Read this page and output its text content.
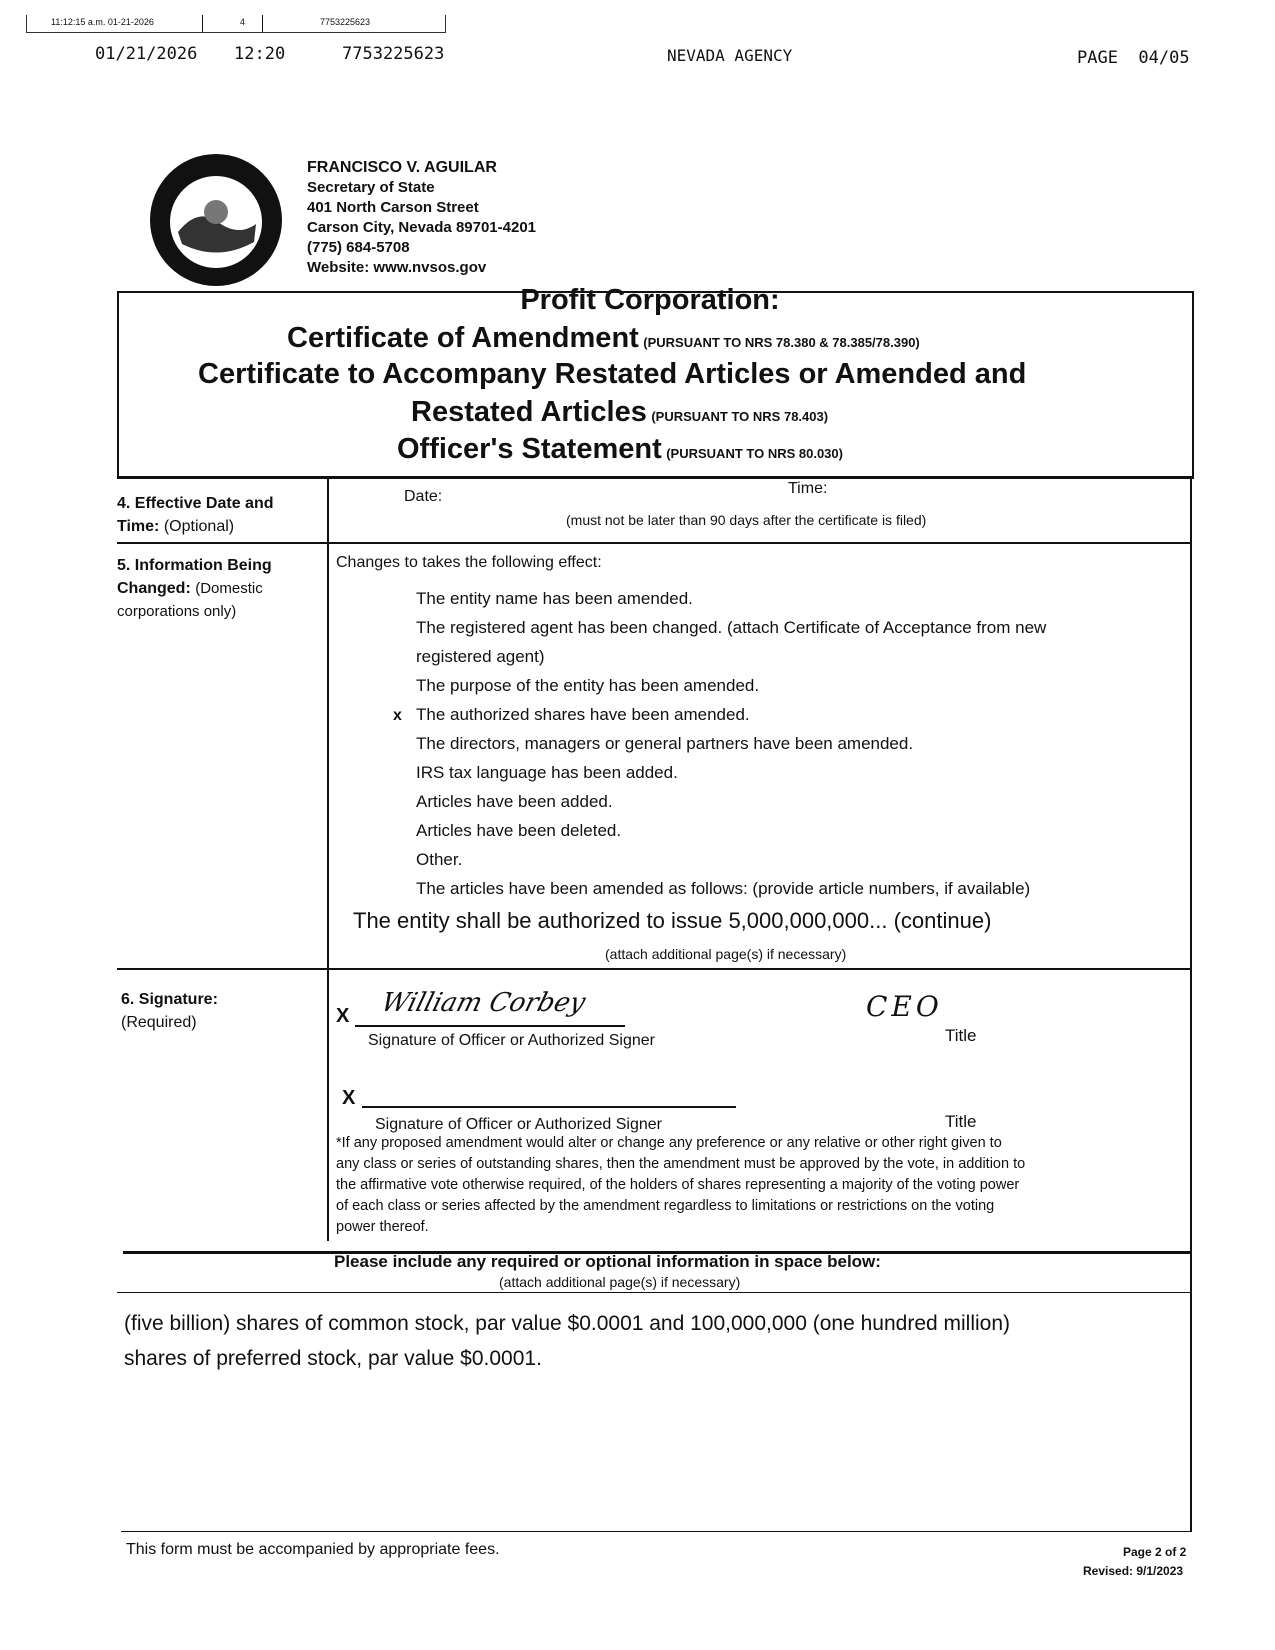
11:12:15 a.m. 01-21-2026	4	7753225623
01/21/2026 12:20	7753225623	NEVADA AGENCY	PAGE  04/05
FRANCISCO V. AGUILAR
Secretary of State
401 North Carson Street
Carson City, Nevada 89701-4201
(775) 684-5708
Website: www.nvsos.gov
Profit Corporation:
Certificate of Amendment (PURSUANT TO NRS 78.380 & 78.385/78.390)
Certificate to Accompany Restated Articles or Amended and
Restated Articles (PURSUANT TO NRS 78.403)
Officer's Statement (PURSUANT TO NRS 80.030)
4. Effective Date and
Time: (Optional)
Date:	Time:
(must not be later than 90 days after the certificate is filed)
5. Information Being
Changed: (Domestic
corporations only)
Changes to takes the following effect:
The entity name has been amended.
The registered agent has been changed. (attach Certificate of Acceptance from new
registered agent)
The purpose of the entity has been amended.
x The authorized shares have been amended.
The directors, managers or general partners have been amended.
IRS tax language has been added.
Articles have been added.
Articles have been deleted.
Other.
The articles have been amended as follows: (provide article numbers, if available)
The entity shall be authorized to issue 5,000,000,000... (continue)
(attach additional page(s) if necessary)
6. Signature:
(Required)	X William Corbey
Signature of Officer or Authorized Signer
CEO
Title
X
Signature of Officer or Authorized Signer	Title
*If any proposed amendment would alter or change any preference or any relative or other right given to
any class or series of outstanding shares, then the amendment must be approved by the vote, in addition to
the affirmative vote otherwise required, of the holders of shares representing a majority of the voting power
of each class or series affected by the amendment regardless to limitations or restrictions on the voting
power thereof.
Please include any required or optional information in space below:
(attach additional page(s) if necessary)
(five billion) shares of common stock, par value $0.0001 and 100,000,000 (one hundred million)
shares of preferred stock, par value $0.0001.
This form must be accompanied by appropriate fees.	Page 2 of 2
Revised: 9/1/2023
